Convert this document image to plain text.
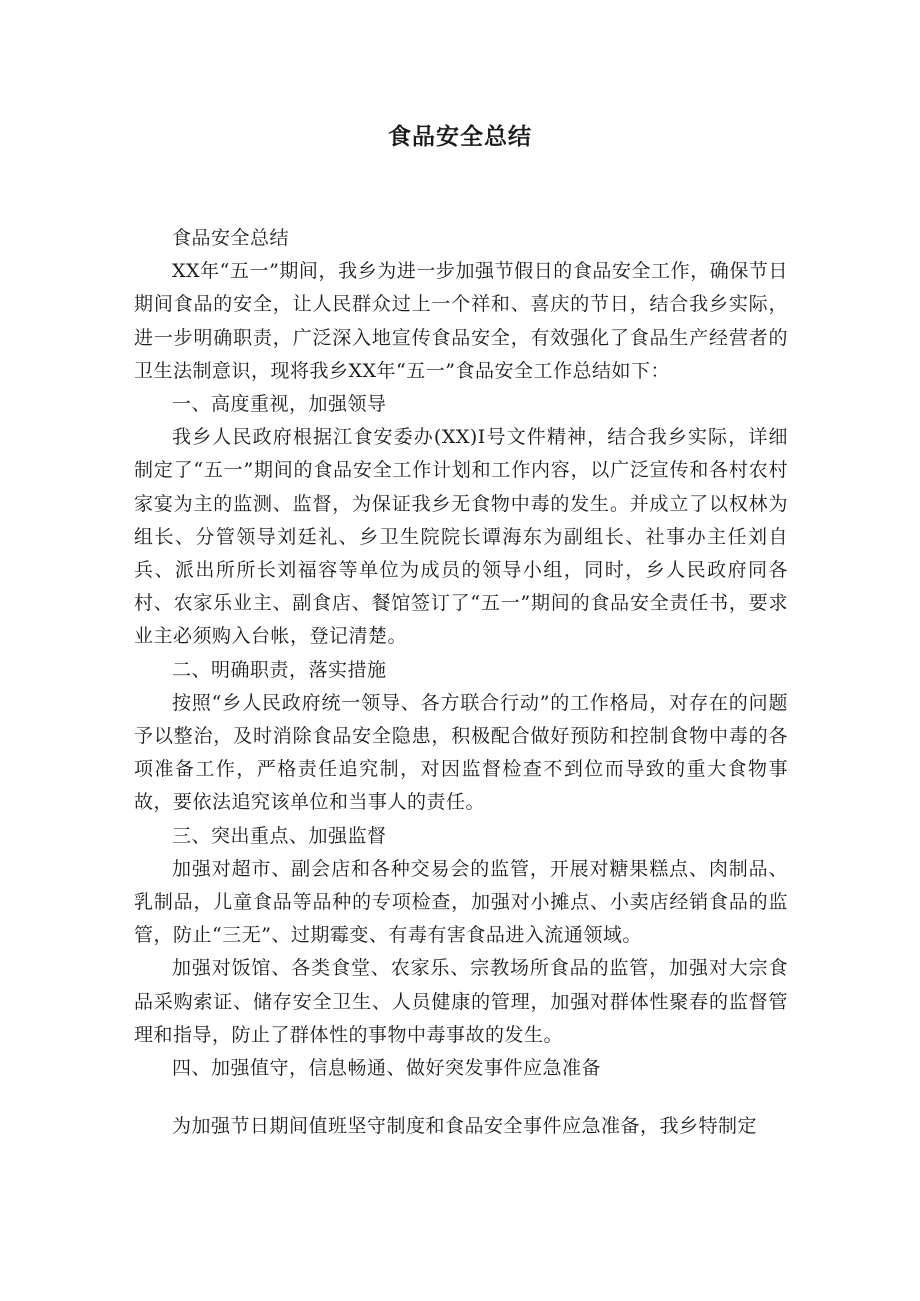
食品安全总结

食品安全总结

XX年“五一”期间，我乡为进一步加强节假日的食品安全工作，确保节日期间食品的安全，让人民群众过上一个祥和、喜庆的节日，结合我乡实际，进一步明确职责，广泛深入地宣传食品安全，有效强化了食品生产经营者的卫生法制意识，现将我乡XX年“五一”食品安全工作总结如下：

一、高度重视，加强领导

我乡人民政府根据江食安委办(XX)I号文件精神，结合我乡实际，详细制定了“五一”期间的食品安全工作计划和工作内容，以广泛宣传和各村农村家宴为主的监测、监督，为保证我乡无食物中毒的发生。并成立了以权林为组长、分管领导刘廷礼、乡卫生院院长谭海东为副组长、社事办主任刘自兵、派出所所长刘福容等单位为成员的领导小组，同时，乡人民政府同各村、农家乐业主、副食店、餐馆签订了“五一”期间的食品安全责任书，要求业主必须购入台帐，登记清楚。

二、明确职责，落实措施

按照“乡人民政府统一领导、各方联合行动”的工作格局，对存在的问题予以整治，及时消除食品安全隐患，积极配合做好预防和控制食物中毒的各项准备工作，严格责任追究制，对因监督检查不到位而导致的重大食物事故，要依法追究该单位和当事人的责任。

三、突出重点、加强监督

加强对超市、副会店和各种交易会的监管，开展对糖果糕点、肉制品、乳制品，儿童食品等品种的专项检查，加强对小摊点、小卖店经销食品的监管，防止“三无”、过期霉变、有毒有害食品进入流通领域。

加强对饭馆、各类食堂、农家乐、宗教场所食品的监管，加强对大宗食品采购索证、储存安全卫生、人员健康的管理，加强对群体性聚春的监督管理和指导，防止了群体性的事物中毒事故的发生。

四、加强值守，信息畅通、做好突发事件应急准备

为加强节日期间值班坚守制度和食品安全事件应急准备，我乡特制定
